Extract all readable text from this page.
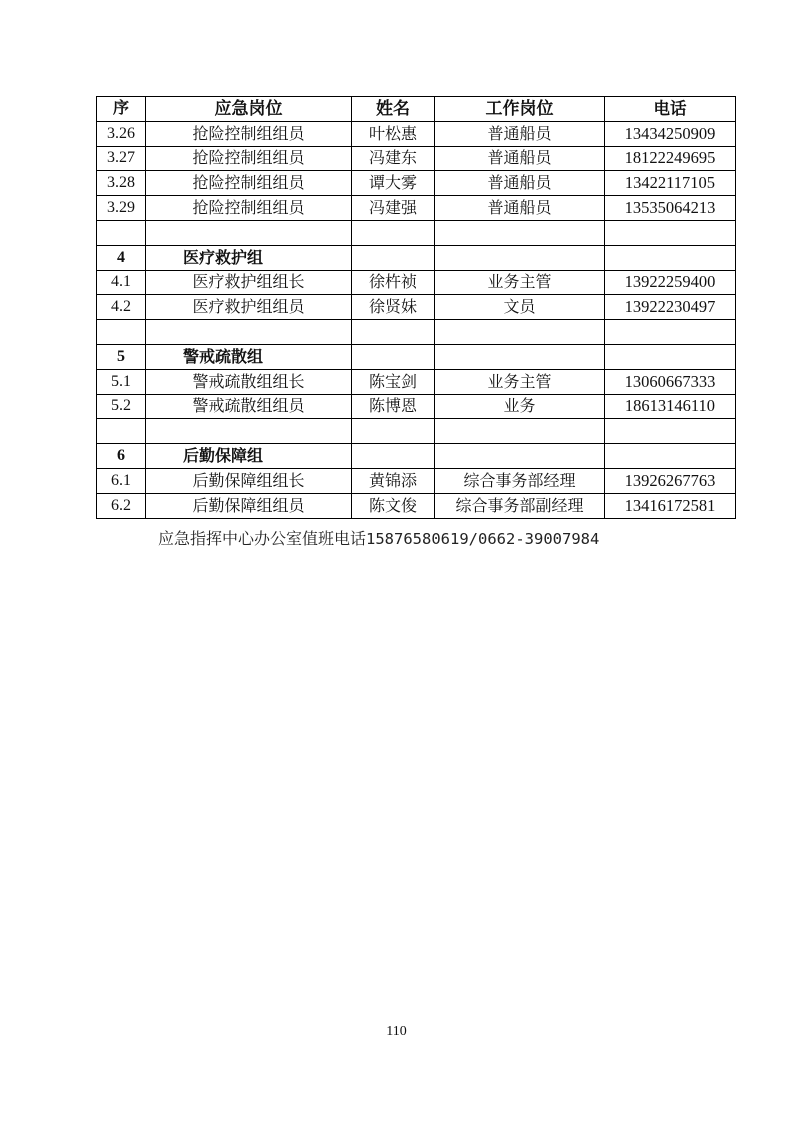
序	应急岗位	姓名	工作岗位	电话
3.26	抢险控制组组员	叶松惠	普通船员	13434250909
3.27	抢险控制组组员	冯建东	普通船员	18122249695
3.28	抢险控制组组员	谭大雾	普通船员	13422117105
3.29	抢险控制组组员	冯建强	普通船员	13535064213

4	医疗救护组			
4.1	医疗救护组组长	徐杵祯	业务主管	13922259400
4.2	医疗救护组组员	徐贤妹	文员	13922230497

5	警戒疏散组			
5.1	警戒疏散组组长	陈宝剑	业务主管	13060667333
5.2	警戒疏散组组员	陈博恩	业务	18613146110

6	后勤保障组			
6.1	后勤保障组组长	黄锦添	综合事务部经理	13926267763
6.2	后勤保障组组员	陈文俊	综合事务部副经理	13416172581
应急指挥中心办公室值班电话15876580619/0662-39007984
110
